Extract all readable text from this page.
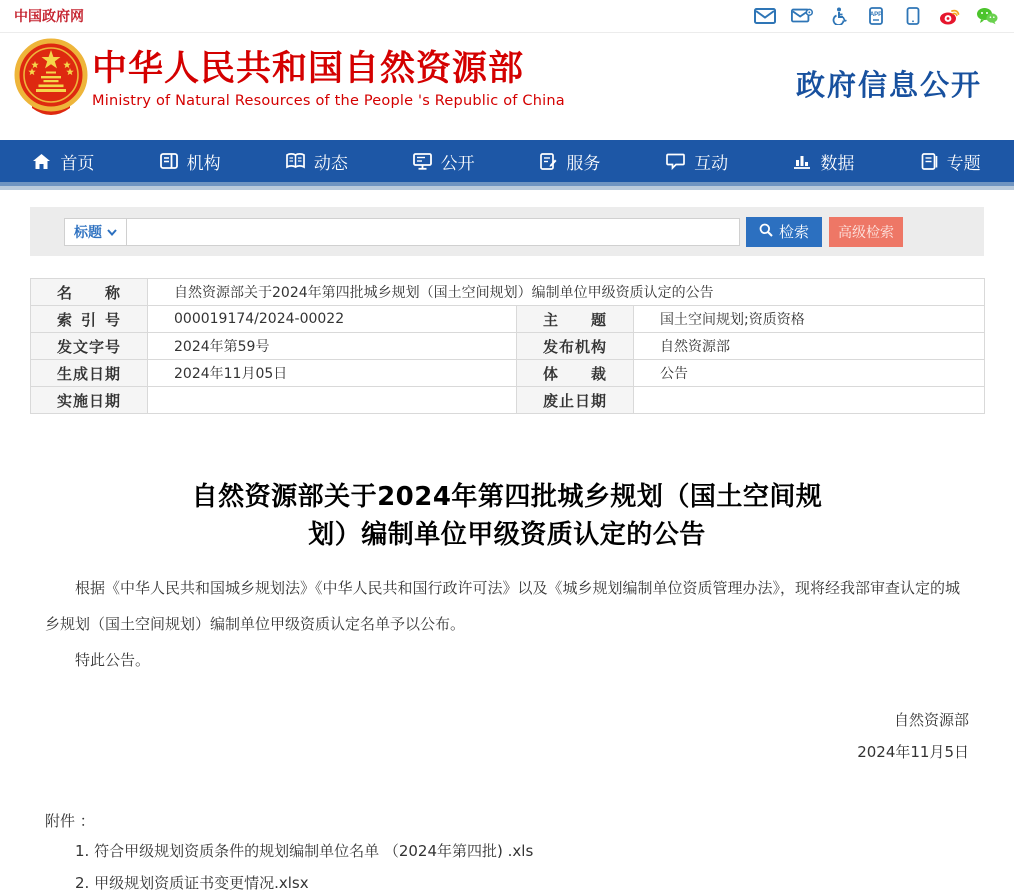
中国政府网	APP
中华人民共和国自然资源部
Ministry of Natural Resources of the People 's Republic of China	政府信息公开
首页	机构	动态	公开	服务	互动	数据	专题
标题	检索	高级检索
名称	自然资源部关于2024年第四批城乡规划（国土空间规划）编制单位甲级资质认定的公告		
索引号	000019174/2024-00022	主题	国土空间规划;资质资格
发文字号	2024年第59号	发布机构	自然资源部
生成日期	2024年11月05日	体裁	公告
实施日期		废止日期	
自然资源部关于2024年第四批城乡规划（国土空间规划）编制单位甲级资质认定的公告

根据《中华人民共和国城乡规划法》《中华人民共和国行政许可法》以及《城乡规划编制单位资质管理办法》，现将经我部审查认定的城乡规划（国土空间规划）编制单位甲级资质认定名单予以公布。

特此公告。

自然资源部
2024年11月5日
附件 ：
1. 符合甲级规划资质条件的规划编制单位名单 （2024年第四批) .xls
2. 甲级规划资质证书变更情况.xlsx
